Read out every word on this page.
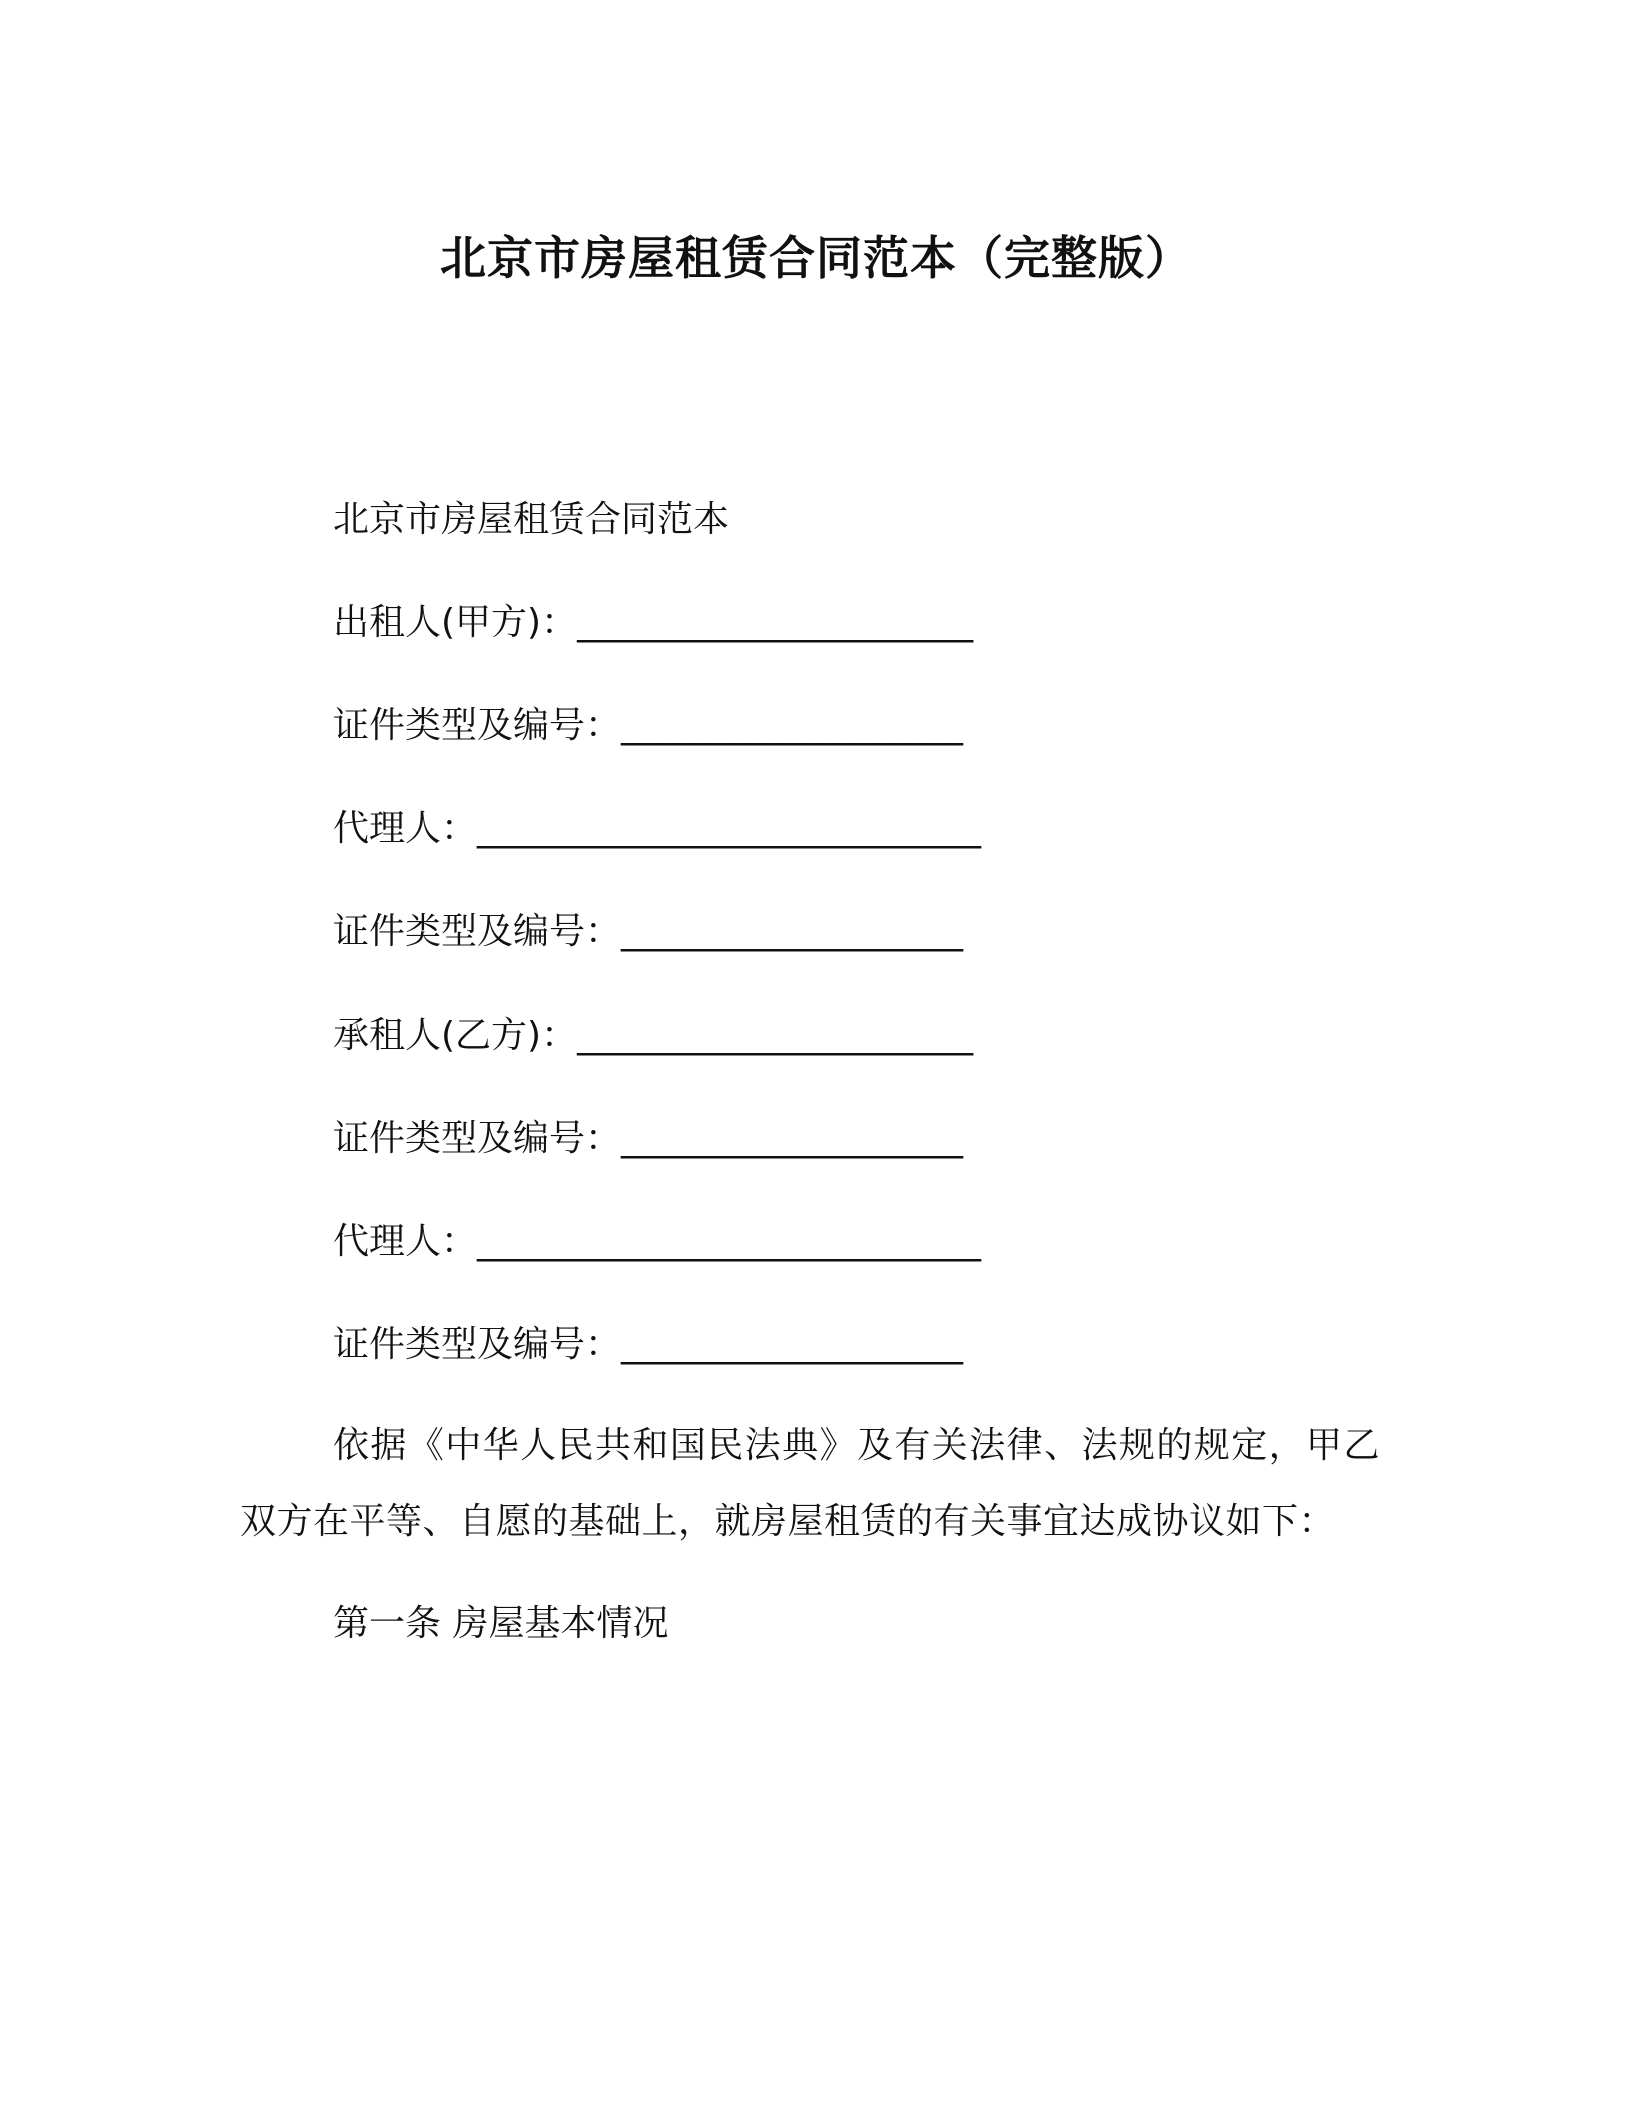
北京市房屋租赁合同范本（完整版）
北京市房屋租赁合同范本
出租人(甲方)：______________________
证件类型及编号：___________________
代理人：____________________________
证件类型及编号：___________________
承租人(乙方)：______________________
证件类型及编号：___________________
代理人：____________________________
证件类型及编号：___________________
依据《中华人民共和国民法典》及有关法律、法规的规定，甲乙双方在平等、自愿的基础上，就房屋租赁的有关事宜达成协议如下：
第一条 房屋基本情况
